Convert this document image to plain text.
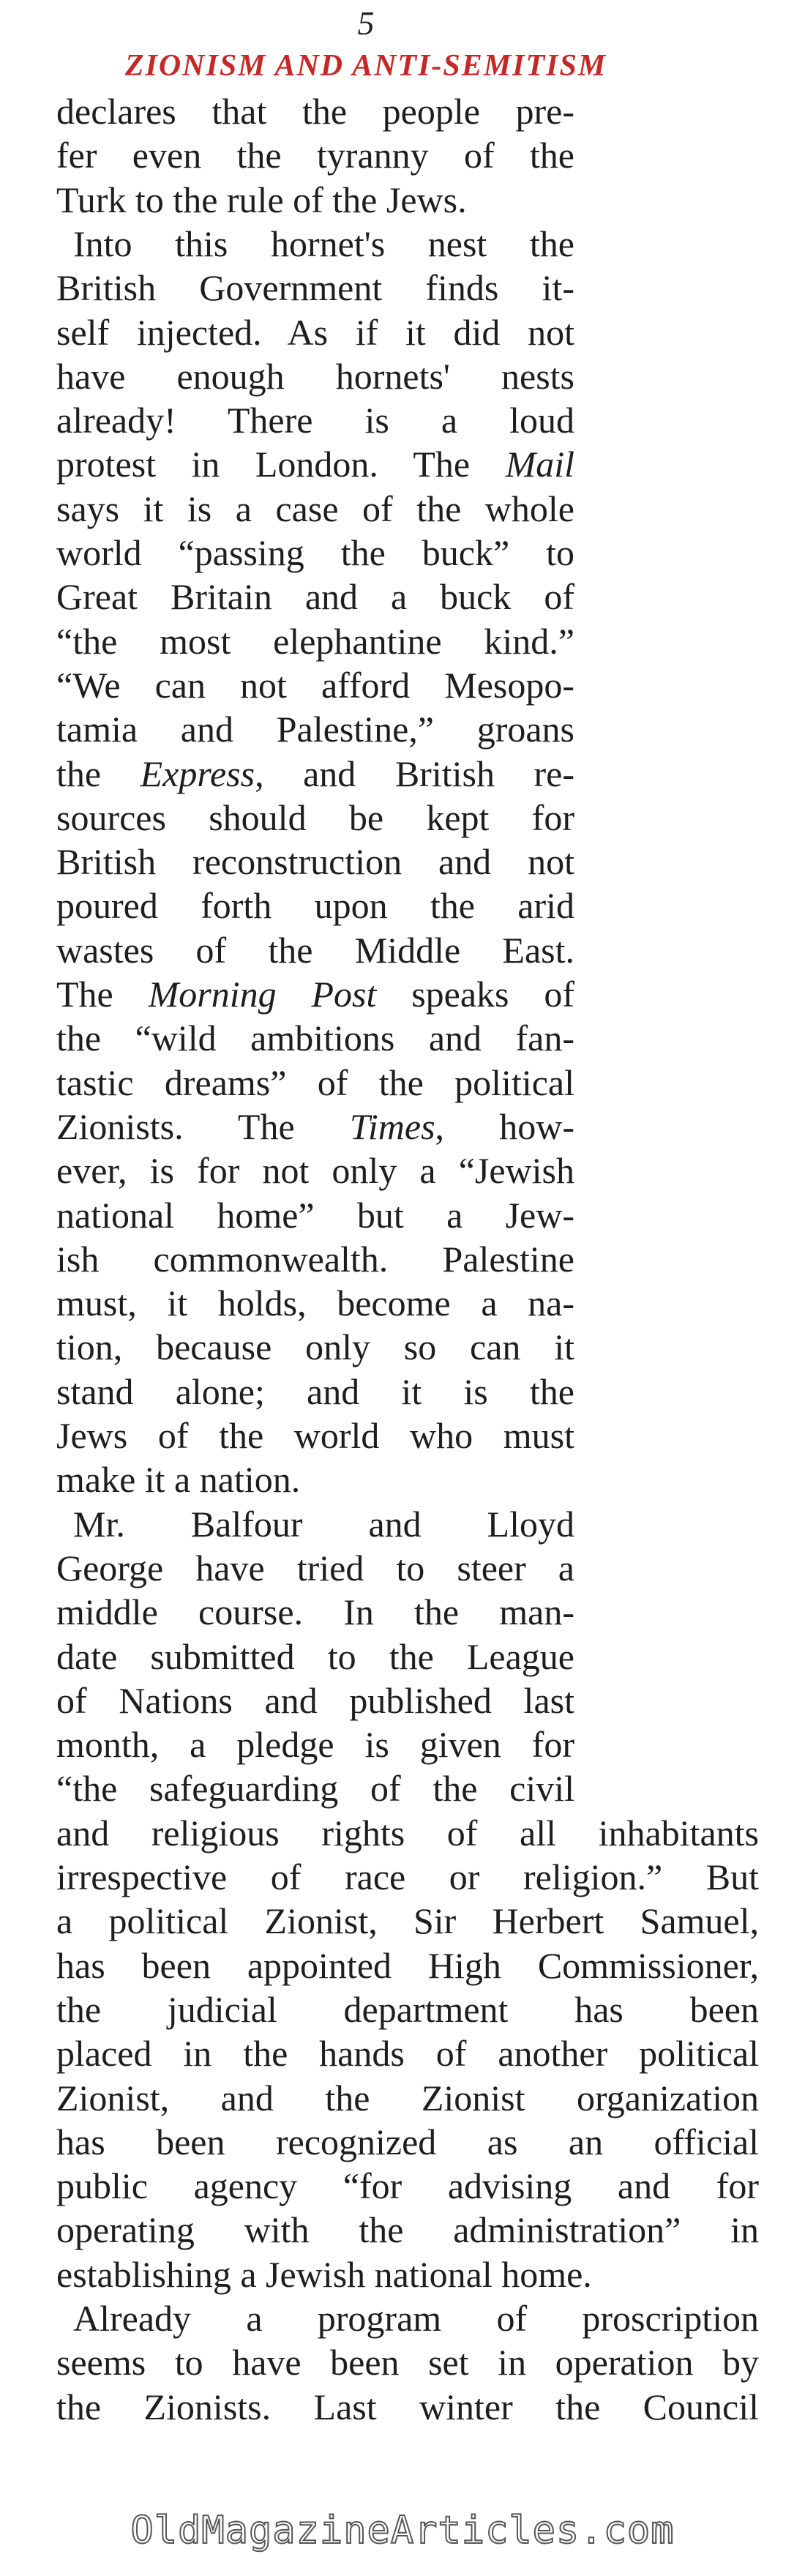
5
ZIONISM AND ANTI-SEMITISM
declares that the people pre-
fer even the tyranny of the
Turk to the rule of the Jews.
Into this hornet's nest the
British Government finds it-
self injected. As if it did not
have enough hornets' nests
already! There is a loud
protest in London. The Mail
says it is a case of the whole
world “passing the buck” to
Great Britain and a buck of
“the most elephantine kind.”
“We can not afford Mesopo-
tamia and Palestine,” groans
the Express, and British re-
sources should be kept for
British reconstruction and not
poured forth upon the arid
wastes of the Middle East.
The Morning Post speaks of
the “wild ambitions and fan-
tastic dreams” of the political
Zionists. The Times, how-
ever, is for not only a “Jewish
national home” but a Jew-
ish commonwealth. Palestine
must, it holds, become a na-
tion, because only so can it
stand alone; and it is the
Jews of the world who must
make it a nation.
Mr. Balfour and Lloyd
George have tried to steer a
middle course. In the man-
date submitted to the League
of Nations and published last
month, a pledge is given for
“the safeguarding of the civil
and religious rights of all inhabitants
irrespective of race or religion.” But
a political Zionist, Sir Herbert Samuel,
has been appointed High Commissioner,
the judicial department has been
placed in the hands of another political
Zionist, and the Zionist organization
has been recognized as an official
public agency “for advising and for
operating with the administration” in
establishing a Jewish national home.
Already a program of proscription
seems to have been set in operation by
the Zionists. Last winter the Council
OldMagazineArticles.com
